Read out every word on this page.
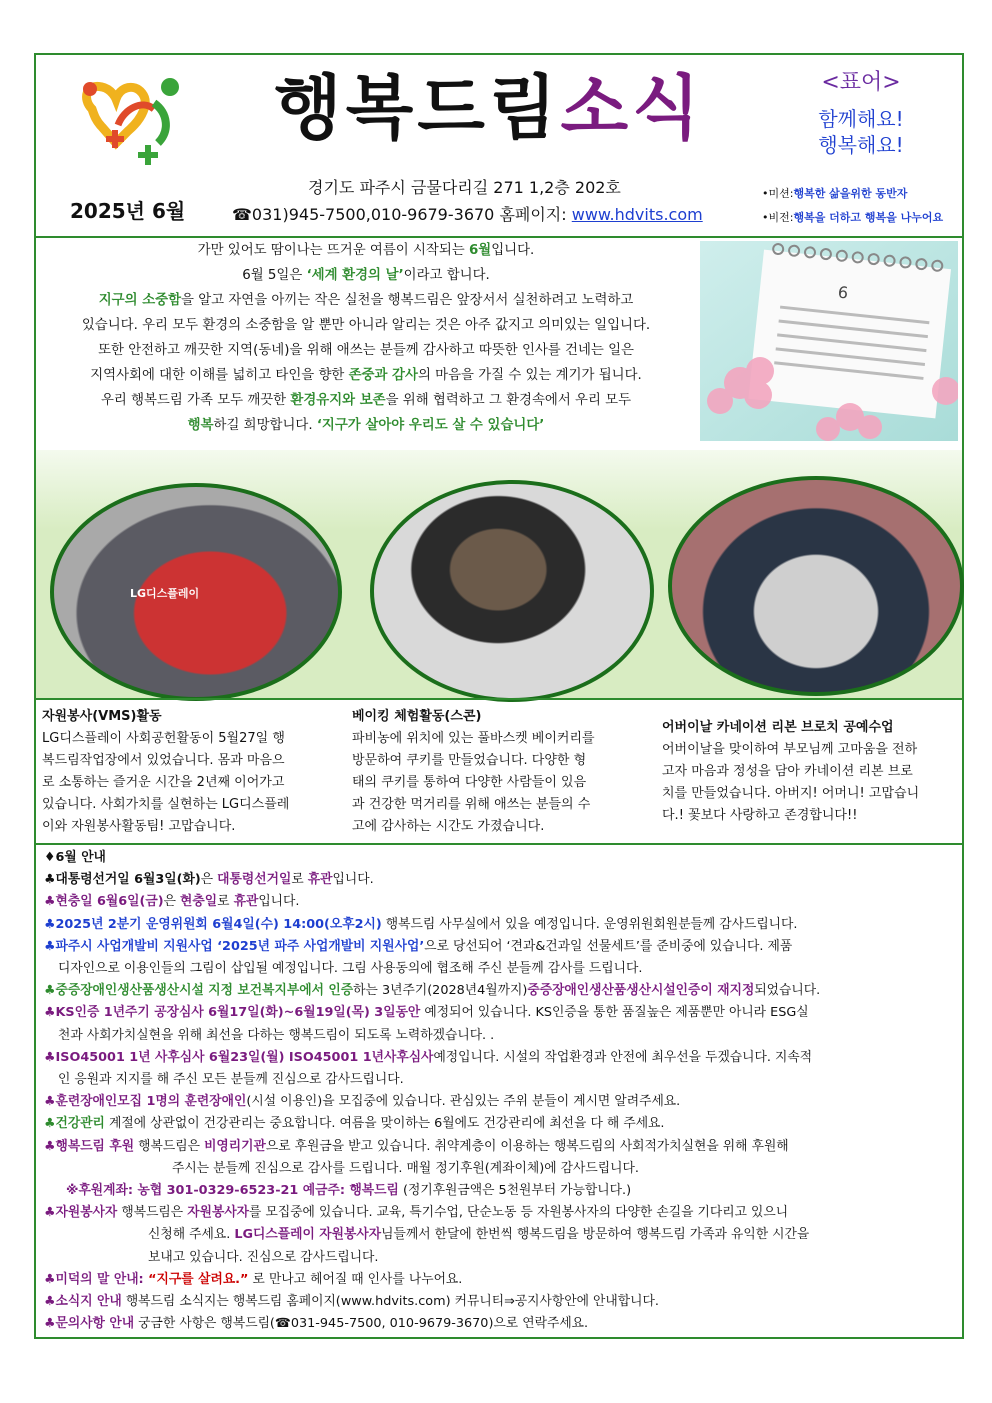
행복드림소식	<표어>
함께해요!
행복해요!
2025년 6월
경기도 파주시 금물다리길 271 1,2층 202호
☎031)945-7500,010-9679-3670 홈페이지: www.hdvits.com
•미션:행복한 삶을위한 동반자
•비전:행복을 더하고 행복을 나누어요

가만 있어도 땀이나는 뜨거운 여름이 시작되는 6월입니다.

6월 5일은 ‘세계 환경의 날’이라고 합니다.

지구의 소중함을 알고 자연을 아끼는 작은 실천을 행복드림은 앞장서서 실천하려고 노력하고

있습니다. 우리 모두 환경의 소중함을 알 뿐만 아니라 알리는 것은 아주 값지고 의미있는 일입니다.

또한 안전하고 깨끗한 지역(동네)을 위해 애쓰는 분들께 감사하고 따뜻한 인사를 건네는 일은

지역사회에 대한 이해를 넓히고 타인을 향한 존중과 감사의 마음을 가질 수 있는 계기가 됩니다.

우리 행복드림 가족 모두 깨끗한 환경유지와 보존을 위해 협력하고 그 환경속에서 우리 모두

행복하길 희망합니다. ‘지구가 살아야 우리도 살 수 있습니다’

6
LG디스플레이
자원봉사(VMS)활동
LG디스플레이 사회공헌활동이 5월27일 행
복드림작업장에서 있었습니다. 몸과 마음으
로 소통하는 즐거운 시간을 2년째 이어가고
있습니다. 사회가치를 실현하는 LG디스플레
이와 자원봉사활동팀! 고맙습니다.
베이킹 체험활동(스콘)
파비농에 위치에 있는 풀바스켓 베이커리를
방문하여 쿠키를 만들었습니다. 다양한 형
태의 쿠키를 통하여 다양한 사람들이 있음
과 건강한 먹거리를 위해 애쓰는 분들의 수
고에 감사하는 시간도 가졌습니다.
어버이날 카네이션 리본 브로치 공예수업
어버이날을 맞이하여 부모님께 고마움을 전하
고자 마음과 정성을 담아 카네이션 리본 브로
치를 만들었습니다. 아버지! 어머니! 고맙습니
다.! 꽃보다 사랑하고 존경합니다!!
♦6월 안내
♣대통령선거일 6월3일(화)은 대통령선거일로 휴관입니다.
♣현충일 6월6일(금)은 현충일로 휴관입니다.
♣2025년 2분기 운영위원회 6월4일(수) 14:00(오후2시) 행복드림 사무실에서 있을 예정입니다. 운영위원회원분들께 감사드립니다.
♣파주시 사업개발비 지원사업 ‘2025년 파주 사업개발비 지원사업’으로 당선되어 ‘견과&건과일 선물세트’를 준비중에 있습니다. 제품
디자인으로 이용인들의 그림이 삽입될 예정입니다. 그림 사용동의에 협조해 주신 분들께 감사를 드립니다.
♣중증장애인생산품생산시설 지정 보건복지부에서 인증하는 3년주기(2028년4월까지)중증장애인생산품생산시설인증이 재지정되었습니다.
♣KS인증 1년주기 공장심사 6월17일(화)~6월19일(목) 3일동안 예정되어 있습니다. KS인증을 통한 품질높은 제품뿐만 아니라 ESG실
천과 사회가치실현을 위해 최선을 다하는 행복드림이 되도록 노력하겠습니다. .
♣ISO45001 1년 사후심사 6월23일(월) ISO45001 1년사후심사예정입니다. 시설의 작업환경과 안전에 최우선을 두겠습니다. 지속적
인 응원과 지지를 해 주신 모든 분들께 진심으로 감사드립니다.
♣훈련장애인모집 1명의 훈련장애인(시설 이용인)을 모집중에 있습니다. 관심있는 주위 분들이 계시면 알려주세요.
♣건강관리 계절에 상관없이 건강관리는 중요합니다. 여름을 맞이하는 6월에도 건강관리에 최선을 다 해 주세요.
♣행복드림 후원 행복드림은 비영리기관으로 후원금을 받고 있습니다. 취약계층이 이용하는 행복드림의 사회적가치실현을 위해 후원해
주시는 분들께 진심으로 감사를 드립니다. 매월 정기후원(계좌이체)에 감사드립니다.
※후원계좌: 농협 301-0329-6523-21 예금주: 행복드림 (정기후원금액은 5천원부터 가능합니다.)
♣자원봉사자 행복드림은 자원봉사자를 모집중에 있습니다. 교육, 특기수업, 단순노동 등 자원봉사자의 다양한 손길을 기다리고 있으니
신청해 주세요. LG디스플레이 자원봉사자님들께서 한달에 한번씩 행복드림을 방문하여 행복드림 가족과 유익한 시간을
보내고 있습니다. 진심으로 감사드립니다.
♣미덕의 말 안내: “지구를 살려요.” 로 만나고 헤어질 때 인사를 나누어요.
♣소식지 안내 행복드림 소식지는 행복드림 홈페이지(www.hdvits.com) 커뮤니티⇒공지사항안에 안내합니다.
♣문의사항 안내 궁금한 사항은 행복드림(☎031-945-7500, 010-9679-3670)으로 연락주세요.
